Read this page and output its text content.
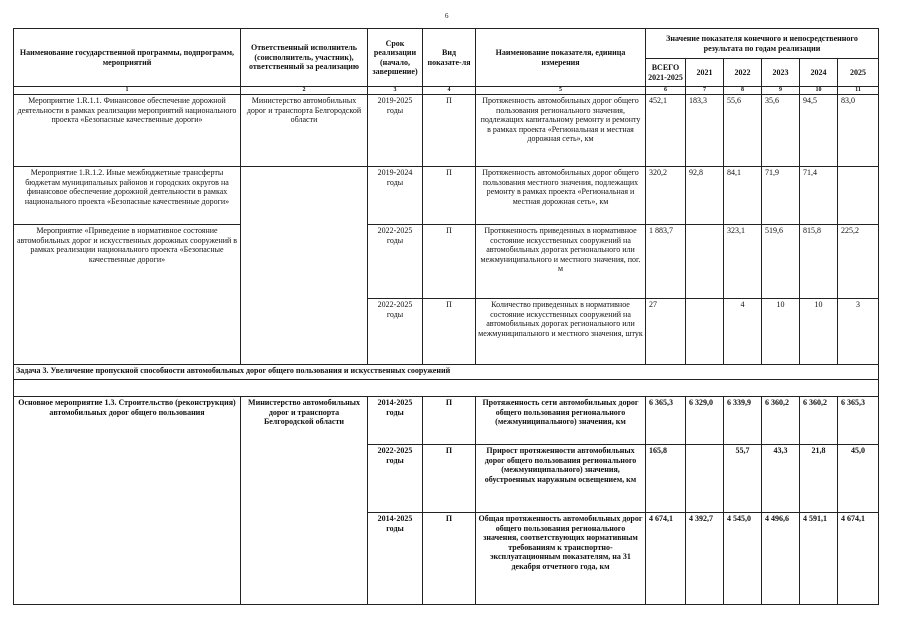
6
Наименование государственной программы, подпрограмм, мероприятий	Ответственный исполнитель (соисполнитель, участник), ответственный за реализацию	Срок реализации (начало, завершение)	Вид показате-ля	Наименование показателя, единица измерения	Значение показателя конечного и непосредственного результата по годам реализации					
					ВСЕГО 2021-2025	2021	2022	2023	2024	2025
1	2	3	4	5	6	7	8	9	10	11
Мероприятие 1.R.1.1. Финансовое обеспечение дорожной деятельности в рамках реализации мероприятий национального проекта «Безопасные качественные дороги»	Министерство автомобильных дорог и транспорта Белгородской области	2019-2025 годы	П	Протяженность автомобильных дорог общего пользования регионального значения, подлежащих капитальному ремонту и ремонту в рамках проекта «Региональная и местная дорожная сеть», км	452,1	183,3	55,6	35,6	94,5	83,0
Мероприятие 1.R.1.2. Иные межбюджетные трансферты бюджетам муниципальных районов и городских округов на финансовое обеспечение дорожной деятельности в рамках национального проекта «Безопасные качественные дороги»		2019-2024 годы	П	Протяженность автомобильных дорог общего пользования местного значения, подлежащих ремонту в рамках проекта «Региональная и местная дорожная сеть», км	320,2	92,8	84,1	71,9	71,4	
Мероприятие «Приведение в нормативное состояние автомобильных дорог и искусственных дорожных сооружений в рамках реализации национального проекта «Безопасные качественные дороги»		2022-2025 годы	П	Протяженность приведенных в нормативное состояние искусственных сооружений на автомобильных дорогах регионального или межмуниципального и местного значения, пог. м	1 883,7		323,1	519,6	815,8	225,2
		2022-2025 годы	П	Количество приведенных в нормативное состояние искусственных сооружений на автомобильных дорогах регионального или межмуниципального и местного значения, штук	27		4	10	10	3
Задача 3. Увеличение пропускной способности автомобильных дорог общего пользования и искусственных сооружений										

Основное мероприятие 1.3. Строительство (реконструкция) автомобильных дорог общего пользования	Министерство автомобильных дорог и транспорта Белгородской области	2014-2025 годы	П	Протяженность сети автомобильных дорог общего пользования регионального (межмуниципального) значения, км	6 365,3	6 329,0	6 339,9	6 360,2	6 360,2	6 365,3
		2022-2025 годы	П	Прирост протяженности автомобильных дорог общего пользования регионального (межмуниципального) значения, обустроенных наружным освещением, км	165,8		55,7	43,3	21,8	45,0
		2014-2025 годы	П	Общая протяженность автомобильных дорог общего пользования регионального значения, соответствующих нормативным требованиям к транспортно-эксплуатационным показателям, на 31 декабря отчетного года, км	4 674,1	4 392,7	4 545,0	4 496,6	4 591,1	4 674,1
